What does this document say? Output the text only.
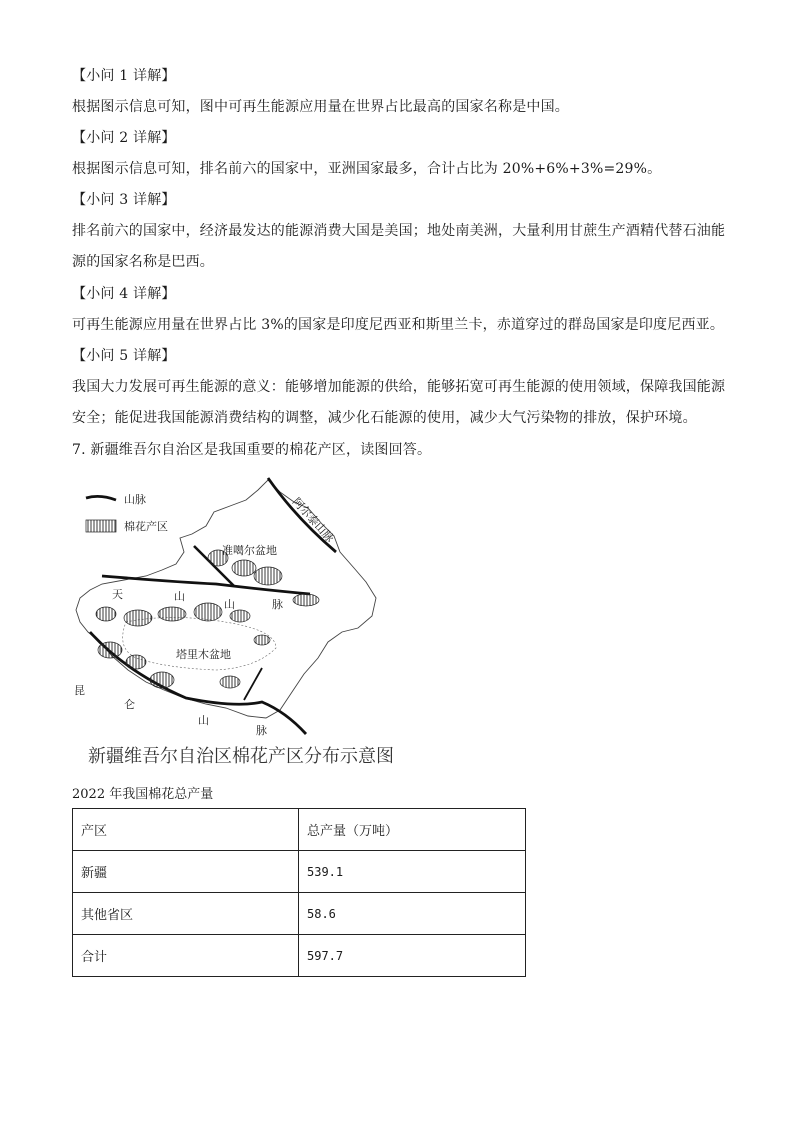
【小问 1 详解】
根据图示信息可知，图中可再生能源应用量在世界占比最高的国家名称是中国。
【小问 2 详解】
根据图示信息可知，排名前六的国家中，亚洲国家最多，合计占比为 20%+6%+3%=29%。
【小问 3 详解】
排名前六的国家中，经济最发达的能源消费大国是美国；地处南美洲，大量利用甘蔗生产酒精代替石油能
源的国家名称是巴西。
【小问 4 详解】
可再生能源应用量在世界占比 3%的国家是印度尼西亚和斯里兰卡，赤道穿过的群岛国家是印度尼西亚。
【小问 5 详解】
我国大力发展可再生能源的意义：能够增加能源的供给，能够拓宽可再生能源的使用领域，保障我国能源
安全；能促进我国能源消费结构的调整，减少化石能源的使用，减少大气污染物的排放，保护环境。
7. 新疆维吾尔自治区是我国重要的棉花产区，读图回答。
山脉
棉花产区	阿尔泰山脉
准噶尔盆地
塔里木盆地
天	山
山	脉
昆
仑
山
脉
新疆维吾尔自治区棉花产区分布示意图
2022 年我国棉花总产量
产区	总产量（万吨）
新疆	539.1
其他省区	58.6
合计	597.7
